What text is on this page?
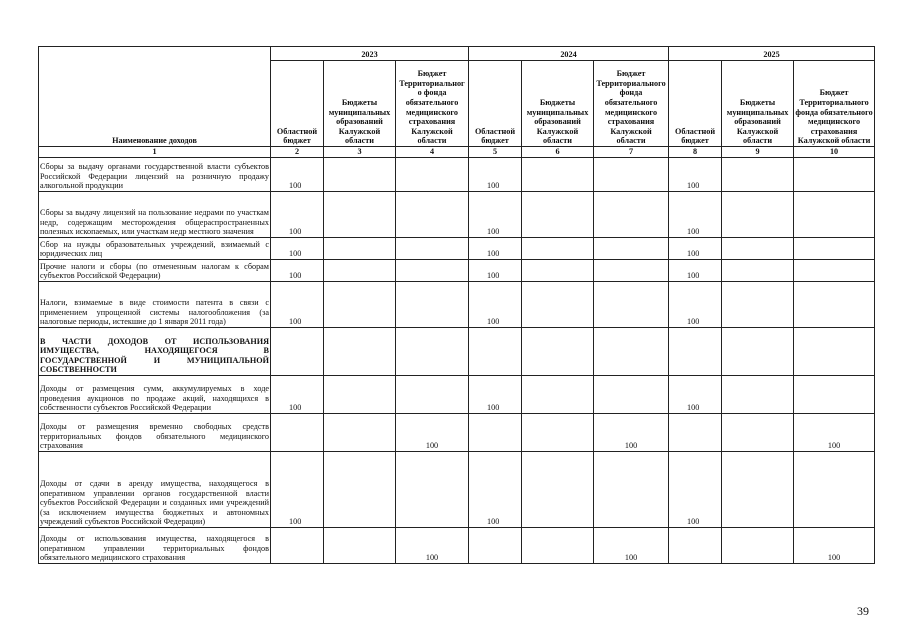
Наименование доходов	2023			2024			2025		
	Областной бюджет	Бюджеты муниципальных образований Калужской области	Бюджет Территориальног о фонда обязательного медицинского страхования Калужской области	Областной бюджет	Бюджеты муниципальных образований Калужской области	Бюджет Территориального фонда обязательного медицинского страхования Калужской области	Областной бюджет	Бюджеты муниципальных образований Калужской области	Бюджет Территориального фонда обязательного медицинского страхования Калужской области
1	2	3	4	5	6	7	8	9	10
Сборы за выдачу органами государственной власти субъектов Российской Федерации лицензий на розничную продажу алкогольной продукции	100			100			100		
Сборы за выдачу лицензий на пользование недрами по участкам недр, содержащим месторождения общераспространенных полезных ископаемых, или участкам недр местного значения	100			100			100		
Сбор на нужды образовательных учреждений, взимаемый с юридических лиц	100			100			100		
Прочие налоги и сборы (по отмененным налогам к сборам субъектов Российской Федерации)	100			100			100		
Налоги, взимаемые в виде стоимости патента в связи с применением упрощенной системы налогообложения (за налоговые периоды, истекшие до 1 января 2011 года)	100			100			100		
В ЧАСТИ ДОХОДОВ ОТ ИСПОЛЬЗОВАНИЯ ИМУЩЕСТВА, НАХОДЯЩЕГОСЯ В ГОСУДАРСТВЕННОЙ И МУНИЦИПАЛЬНОЙ СОБСТВЕННОСТИ									
Доходы от размещения сумм, аккумулируемых в ходе проведения аукционов по продаже акций, находящихся в собственности субъектов Российской Федерации	100			100			100		
Доходы от размещения временно свободных средств территориальных фондов обязательного медицинского страхования			100			100			100
Доходы от сдачи в аренду имущества, находящегося в оперативном управлении органов государственной власти субъектов Российской Федерации и созданных ими учреждений (за исключением имущества бюджетных и автономных учреждений субъектов Российской Федерации)	100			100			100		
Доходы от использования имущества, находящегося в оперативном управлении территориальных фондов обязательного медицинского страхования			100			100			100
39
